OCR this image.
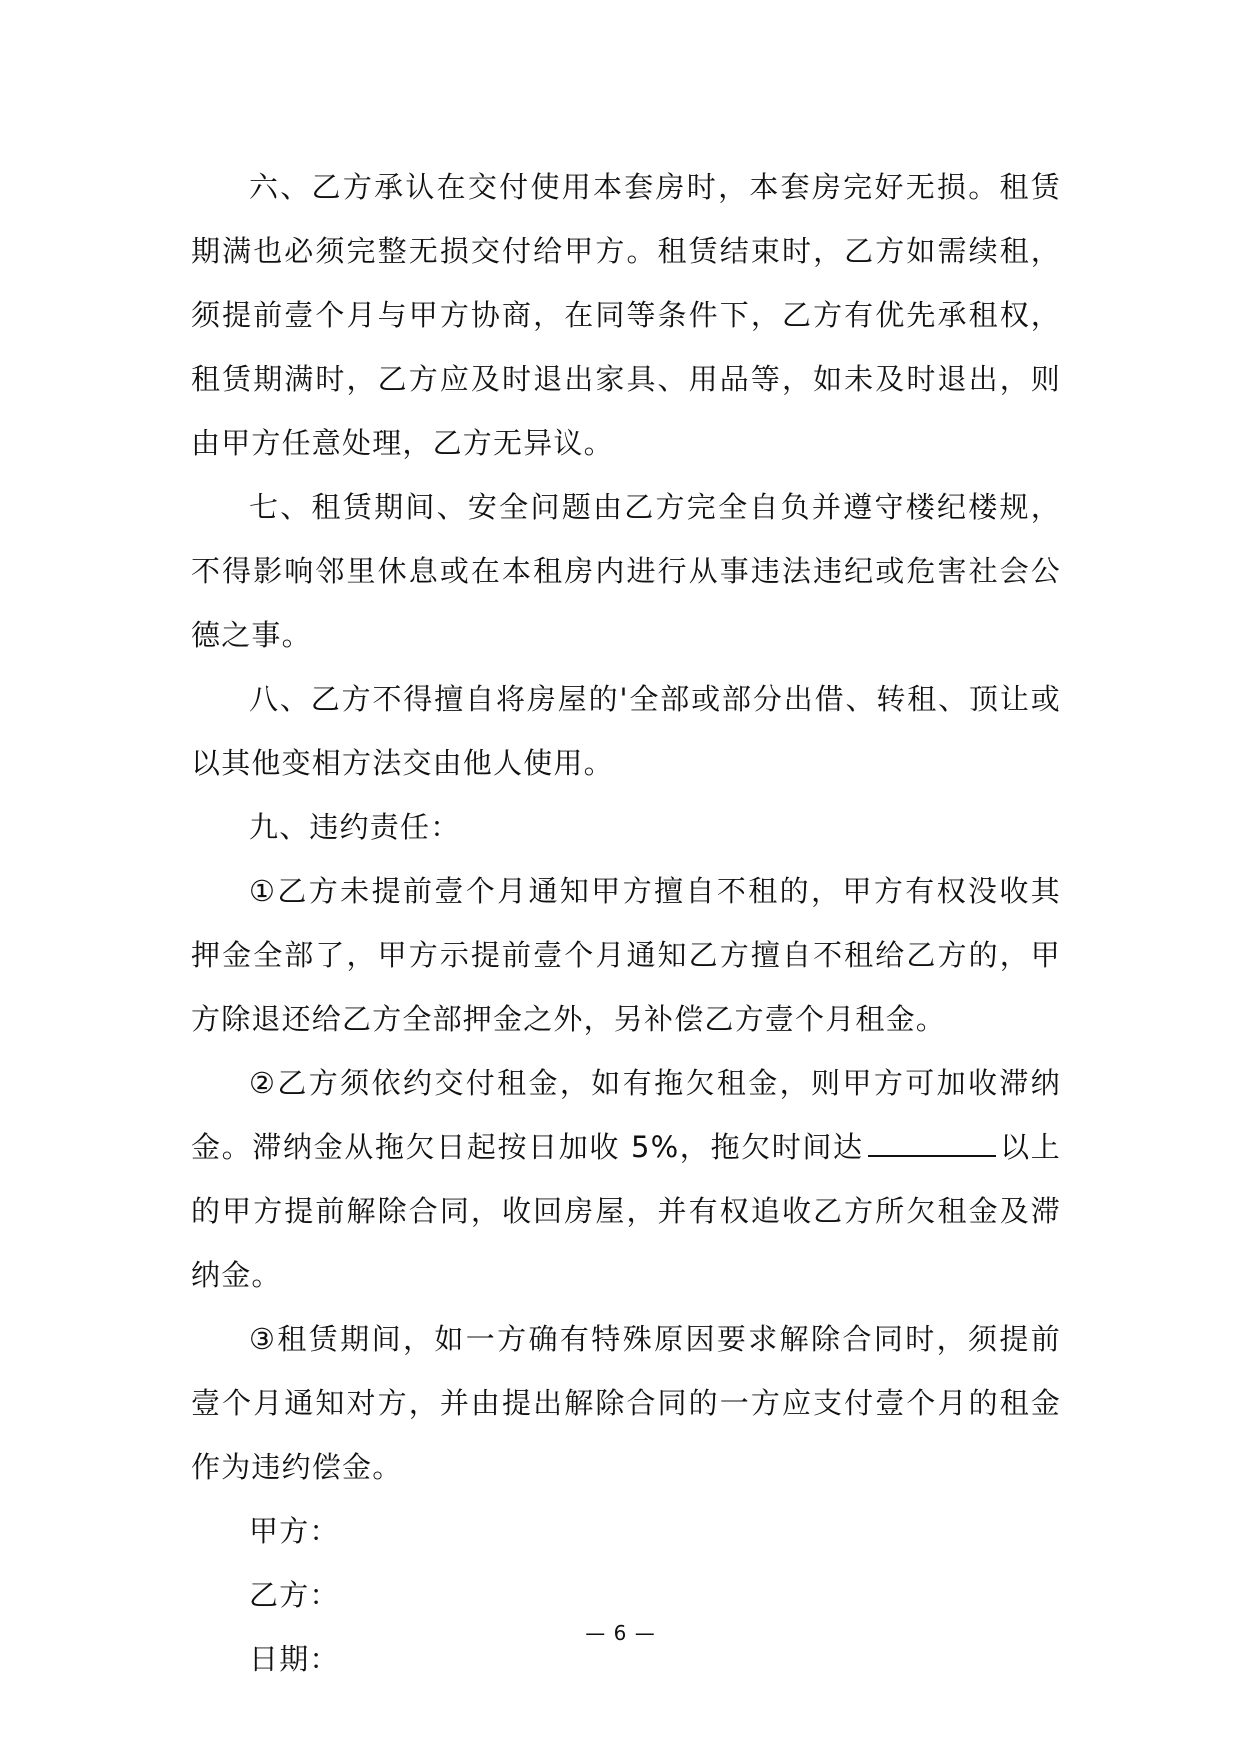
六、乙方承认在交付使用本套房时，本套房完好无损。租赁期满也必须完整无损交付给甲方。租赁结束时，乙方如需续租，须提前壹个月与甲方协商，在同等条件下，乙方有优先承租权，租赁期满时，乙方应及时退出家具、用品等，如未及时退出，则由甲方任意处理，乙方无异议。

七、租赁期间、安全问题由乙方完全自负并遵守楼纪楼规，不得影响邻里休息或在本租房内进行从事违法违纪或危害社会公德之事。

八、乙方不得擅自将房屋的'全部或部分出借、转租、顶让或以其他变相方法交由他人使用。

九、违约责任：

①乙方未提前壹个月通知甲方擅自不租的，甲方有权没收其押金全部了，甲方示提前壹个月通知乙方擅自不租给乙方的，甲方除退还给乙方全部押金之外，另补偿乙方壹个月租金。

②乙方须依约交付租金，如有拖欠租金，则甲方可加收滞纳金。滞纳金从拖欠日起按日加收 5%，拖欠时间达	以上的甲方提前解除合同，收回房屋，并有权追收乙方所欠租金及滞纳金。

③租赁期间，如一方确有特殊原因要求解除合同时，须提前壹个月通知对方，并由提出解除合同的一方应支付壹个月的租金作为违约偿金。

甲方：

乙方：

日期：

— 6 —
